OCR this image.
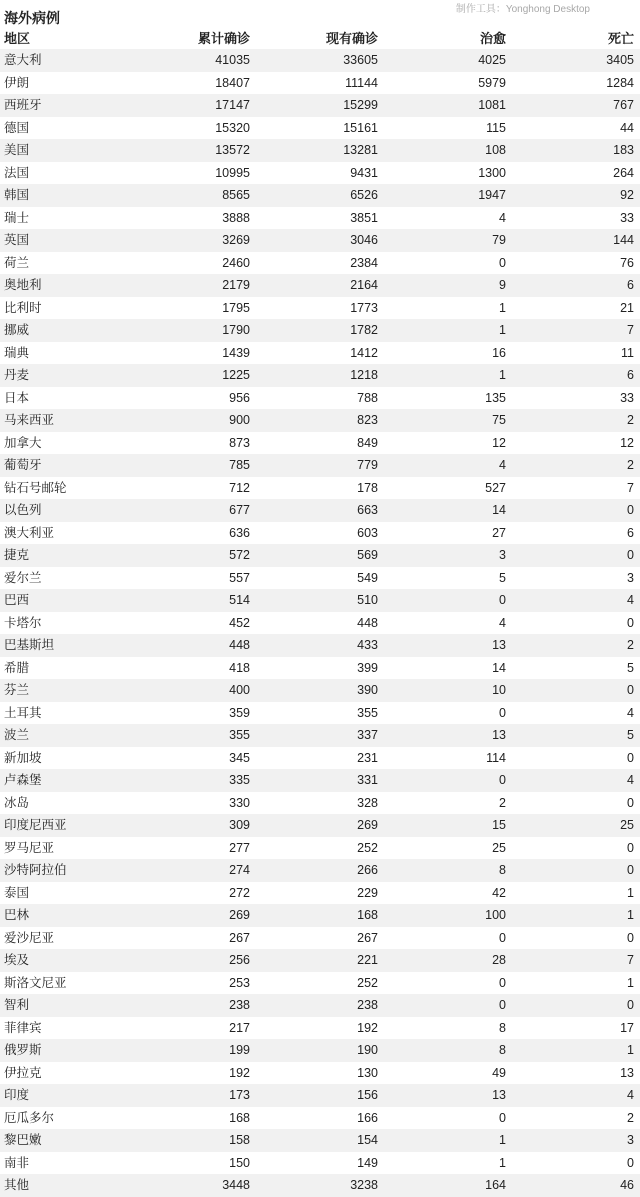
海外病例
制作工具：Yonghong Desktop
地区	累计确诊	现有确诊	治愈	死亡
意大利	41035	33605	4025	3405
伊朗	18407	11144	5979	1284
西班牙	17147	15299	1081	767
德国	15320	15161	115	44
美国	13572	13281	108	183
法国	10995	9431	1300	264
韩国	8565	6526	1947	92
瑞士	3888	3851	4	33
英国	3269	3046	79	144
荷兰	2460	2384	0	76
奥地利	2179	2164	9	6
比利时	1795	1773	1	21
挪威	1790	1782	1	7
瑞典	1439	1412	16	11
丹麦	1225	1218	1	6
日本	956	788	135	33
马来西亚	900	823	75	2
加拿大	873	849	12	12
葡萄牙	785	779	4	2
钻石号邮轮	712	178	527	7
以色列	677	663	14	0
澳大利亚	636	603	27	6
捷克	572	569	3	0
爱尔兰	557	549	5	3
巴西	514	510	0	4
卡塔尔	452	448	4	0
巴基斯坦	448	433	13	2
希腊	418	399	14	5
芬兰	400	390	10	0
土耳其	359	355	0	4
波兰	355	337	13	5
新加坡	345	231	114	0
卢森堡	335	331	0	4
冰岛	330	328	2	0
印度尼西亚	309	269	15	25
罗马尼亚	277	252	25	0
沙特阿拉伯	274	266	8	0
泰国	272	229	42	1
巴林	269	168	100	1
爱沙尼亚	267	267	0	0
埃及	256	221	28	7
斯洛文尼亚	253	252	0	1
智利	238	238	0	0
菲律宾	217	192	8	17
俄罗斯	199	190	8	1
伊拉克	192	130	49	13
印度	173	156	13	4
厄瓜多尔	168	166	0	2
黎巴嫩	158	154	1	3
南非	150	149	1	0
其他	3448	3238	164	46
